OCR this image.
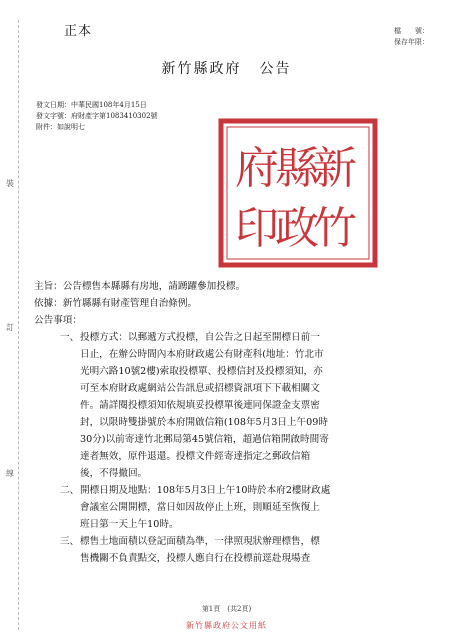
正本	檔　　號：
保存年限：
新竹縣政府 公告
發文日期：中華民國108年4月15日
發文字號：府財產字第1083410302號
附件：如說明七
裝
訂
線
新
竹
縣
政
府
印
主旨：公告標售本縣縣有房地，請踴躍參加投標。
依據：新竹縣縣有財產管理自治條例。
公告事項：
一、 投標方式：以郵遞方式投標，自公告之日起至開標日前一
日止，在辦公時間內本府財政處公有財產科(地址：竹北市
光明六路10號2樓)索取投標單、投標信封及投標須知，亦
可至本府財政處網站公告訊息或招標資訊項下下載相關文
件。請詳閱投標須知依規填妥投標單後連同保證金支票密
封，以限時雙掛號於本府開啟信箱(108年5月3日上午09時
30分)以前寄達竹北郵局第45號信箱，超過信箱開啟時間寄
達者無效，原件退還。投標文件經寄達指定之郵政信箱
後，不得撤回。
二、 開標日期及地點：108年5月3日上午10時於本府2樓財政處
會議室公開開標，當日如因故停止上班，則順延至恢復上
班日第一天上午10時。
三、 標售土地面積以登記面積為準，一律照現狀辦理標售，標
售機關不負責點交，投標人應自行在投標前逕赴現場查
第1頁　(共2頁)
新竹縣政府公文用紙
